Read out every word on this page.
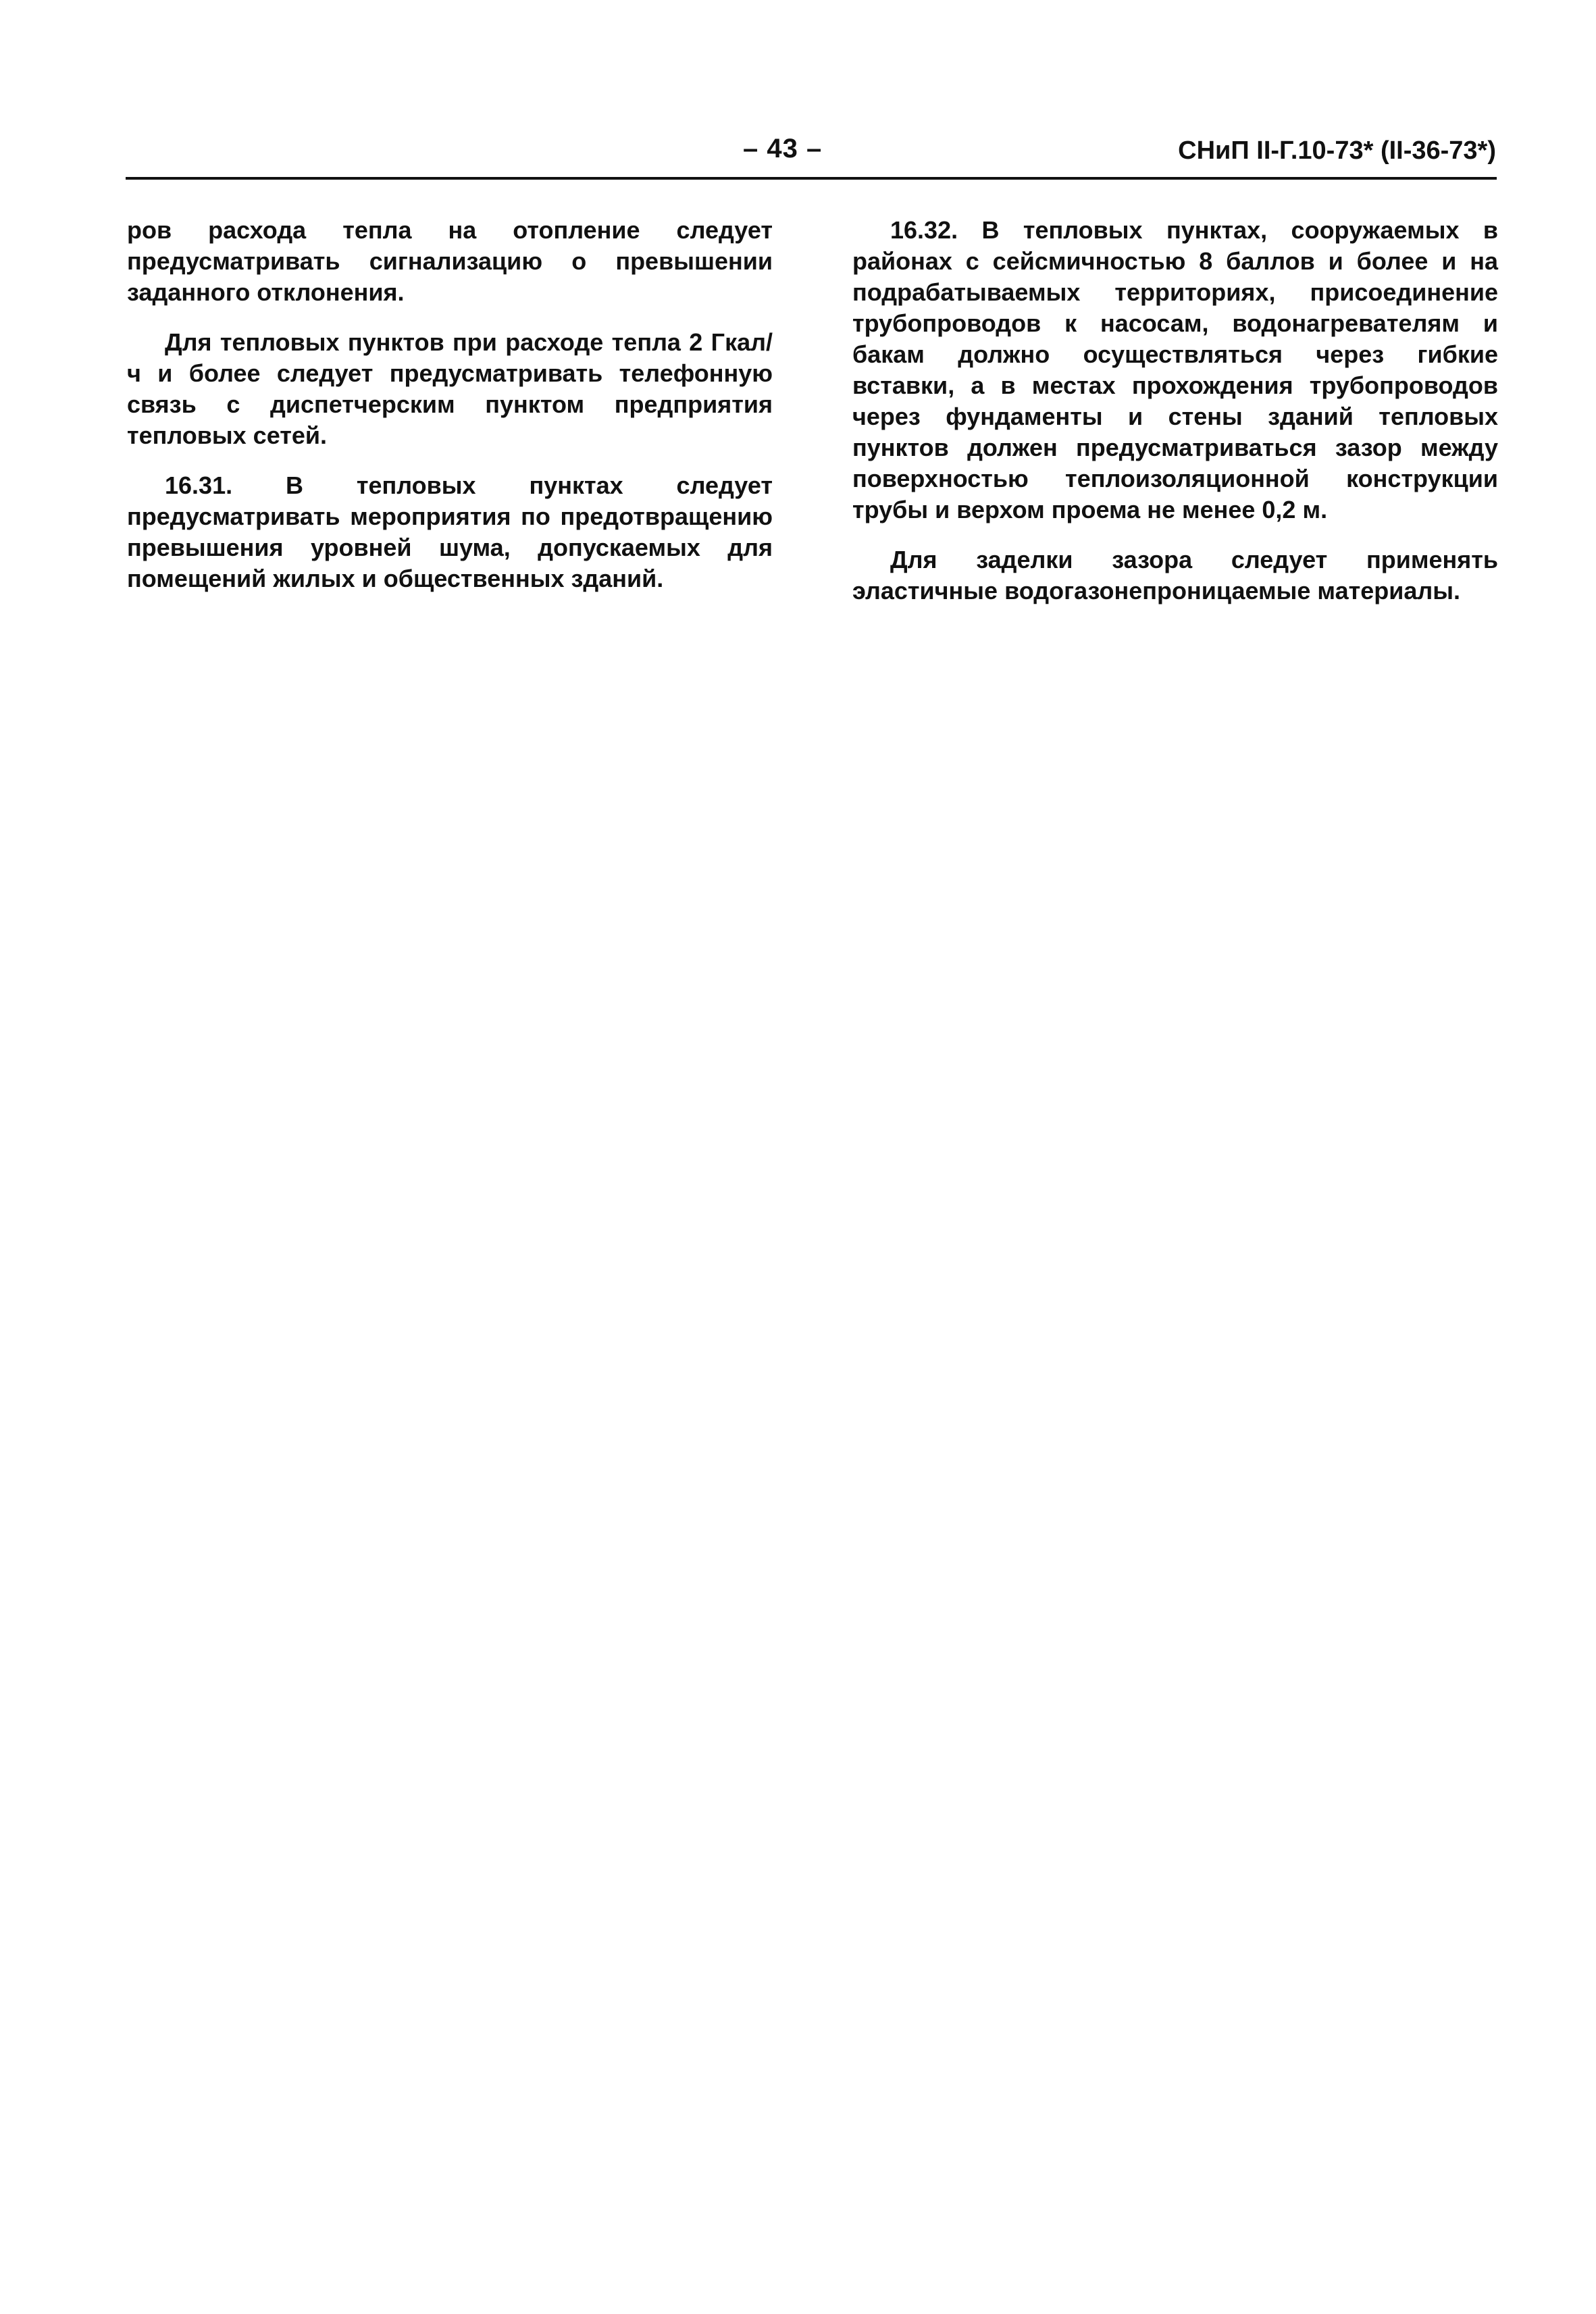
– 43 –	СНиП II-Г.10-73* (II-36-73*)

ров расхода тепла на отопление следует предусматривать сигнализацию о превышении заданного отклонения.

Для тепловых пунктов при расходе тепла 2 Гкал/ч и более следует предусматривать телефонную связь с диспетчерским пунктом предприятия тепловых сетей.

16.31. В тепловых пунктах следует предусматривать мероприятия по предотвращению превышения уровней шума, допускаемых для помещений жилых и общественных зданий.

16.32. В тепловых пунктах, сооружаемых в районах с сейсмичностью 8 баллов и более и на подрабатываемых территориях, присоединение трубопроводов к насосам, водонагревателям и бакам должно осуществляться через гибкие вставки, а в местах прохождения трубопроводов через фундаменты и стены зданий тепловых пунктов должен предусматриваться зазор между поверхностью теплоизоляционной конструкции трубы и верхом проема не менее 0,2 м.

Для заделки зазора следует применять эластичные водогазонепроницаемые материалы.
